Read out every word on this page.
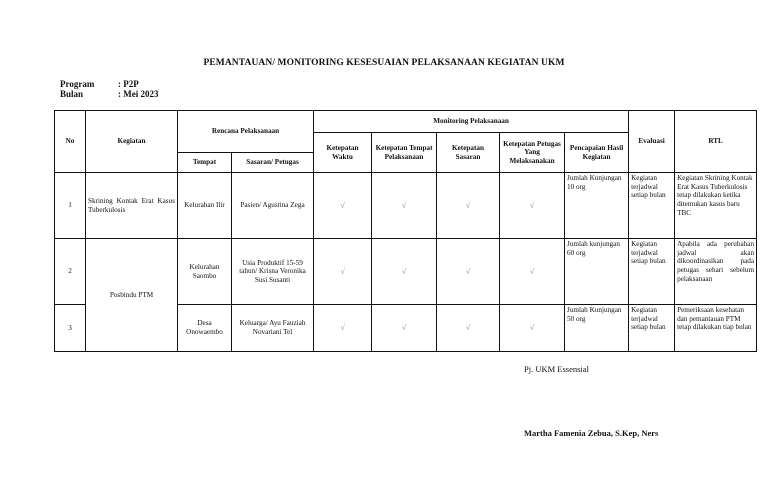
PEMANTAUAN/ MONITORING KESESUAIAN PELAKSANAAN KEGIATAN UKM
Program	: P2P
Bulan	: Mei 2023
No	Kegiatan	Rencana Pelaksanaan		Monitoring Pelaksanaan					Evaluasi	RTL
				Ketepatan Waktu	Ketepatan Tempat Pelaksanaan	Ketepatan Sasaran	Ketepatan Petugas Yang Melaksanakan	Pencapaian Hasil Kegiatan		
		Tempat	Sasaran/ Petugas							
1	Skrining Kontak Erat Kasus Tuberkulosis	Kelurahan Ilir	Pasien/ Agustina Zega	√	√	√	√	Jumlah Kunjungan 10 org	Kegiatan terjadwal setiap bulan	Kegiatan Skrining Kontak Erat Kasus Tuberkulosis tetap dilakukan ketika ditemukan kasus baru TBC
2	Posbindu PTM	Kelurahan Saombo	Usia Produktif 15-59 tahun/ Krisna Veronika Susi Susanti	√	√	√	√	Jumlah kunjungan 60 org	Kegiatan terjadwal setiap bulan	Apabila ada perubahan jadwal akan dikoordinasikan pada petugas sehari sebelum pelaksanaan
3		Desa Onowaembo	Keluarga/ Ayu Fauziah Novariani Tel	√	√	√	√	Jumlah Kunjungan 50 org	Kegiatan terjadwal setiap bulan	Pemeriksaan kesehatan dan pemantauan PTM tetap dilakukan tiap bulan
Pj. UKM Essensial
Martha Famenia Zebua, S.Kep, Ners
